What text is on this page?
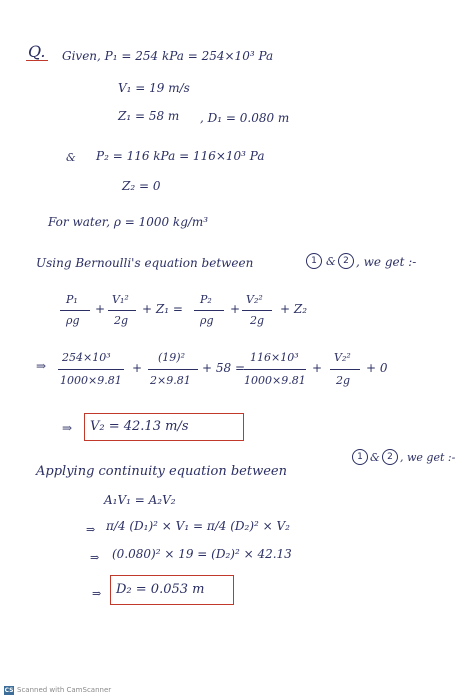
Q. Given, P₁ = 254 kPa = 254×10³ Pa
V₁ = 19 m/s
Z₁ = 58 m , D₁ = 0.080 m
& P₂ = 116 kPa = 116×10³ Pa
Z₂ = 0
For water, ρ = 1000 kg/m³
Using Bernoulli's equation between	1 & 2 , we get :-
P₁
ρg
+
V₁²
2g
+ Z₁ =
P₂
ρg
+
V₂²
2g
+ Z₂
⇒
254×10³
1000×9.81
+
(19)²
2×9.81
+ 58 =
116×10³
1000×9.81
+
V₂²
2g
+ 0
⇒ V₂ = 42.13 m/s
Applying continuity equation between
1 & 2 , we get :-
A₁V₁ = A₂V₂
⇒ π/4 (D₁)² × V₁ = π/4 (D₂)² × V₂
⇒ (0.080)² × 19 = (D₂)² × 42.13
⇒ D₂ = 0.053 m
CS Scanned with CamScanner
